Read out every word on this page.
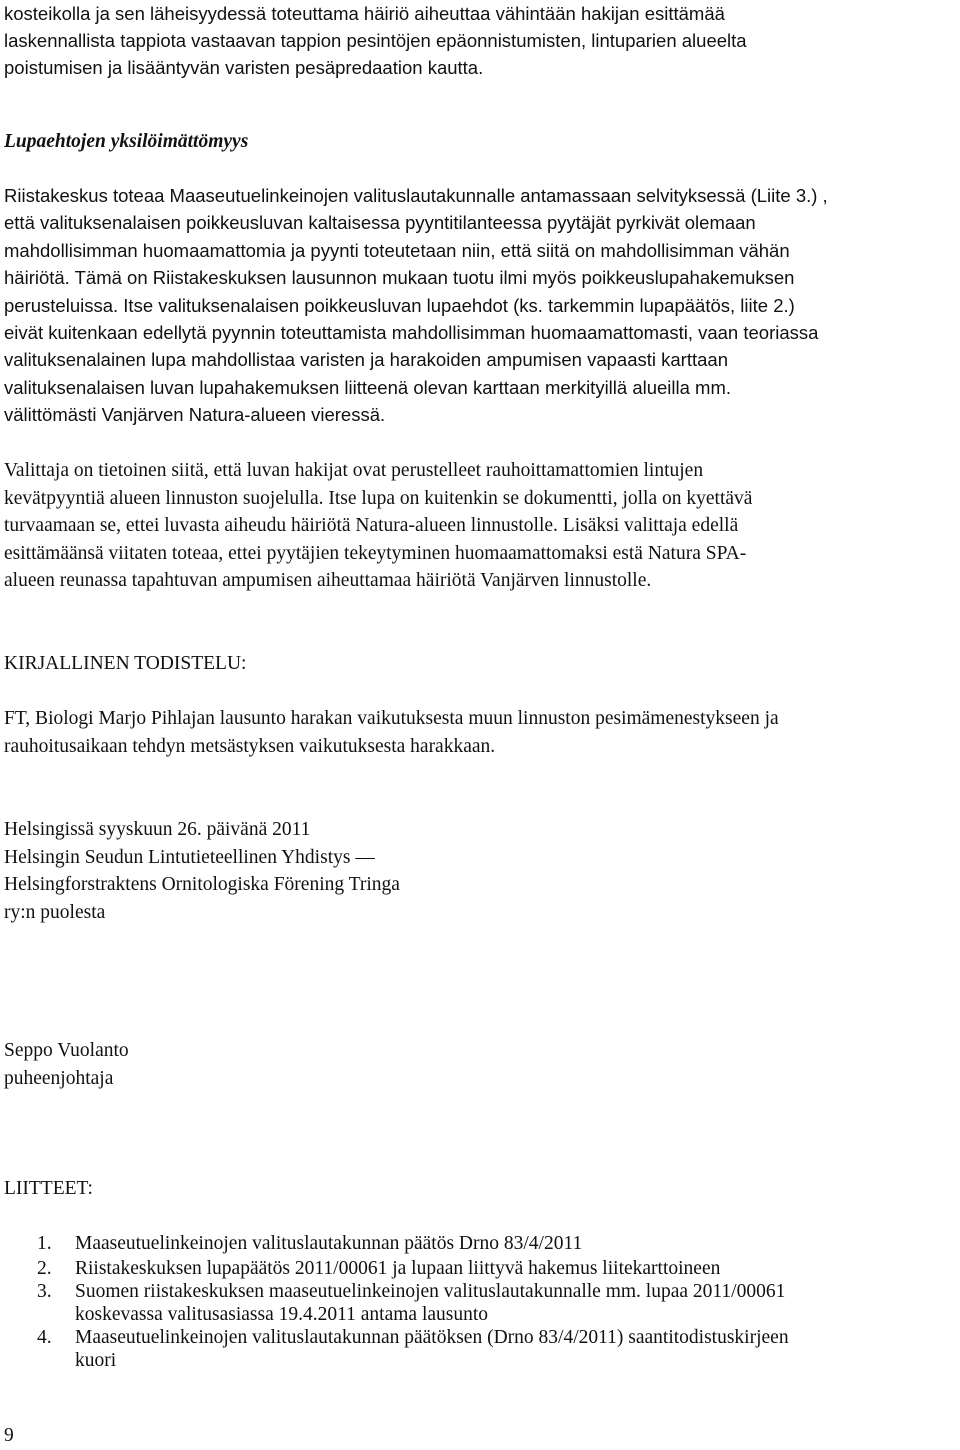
kosteikolla ja sen läheisyydessä toteuttama häiriö aiheuttaa vähintään hakijan esittämää
laskennallista tappiota vastaavan tappion pesintöjen epäonnistumisten, lintuparien alueelta
poistumisen ja lisääntyvän varisten pesäpredaation kautta.
Lupaehtojen yksilöimättömyys
Riistakeskus toteaa Maaseutuelinkeinojen valituslautakunnalle antamassaan selvityksessä (Liite 3.) ,
että valituksenalaisen poikkeusluvan kaltaisessa pyyntitilanteessa pyytäjät pyrkivät olemaan
mahdollisimman huomaamattomia ja pyynti toteutetaan niin, että siitä on mahdollisimman vähän
häiriötä. Tämä on Riistakeskuksen lausunnon mukaan tuotu ilmi myös poikkeuslupahakemuksen
perusteluissa. Itse valituksenalaisen poikkeusluvan lupaehdot (ks. tarkemmin lupapäätös, liite 2.)
eivät kuitenkaan edellytä pyynnin toteuttamista mahdollisimman huomaamattomasti, vaan teoriassa
valituksenalainen lupa mahdollistaa varisten ja harakoiden ampumisen vapaasti karttaan
valituksenalaisen luvan lupahakemuksen liitteenä olevan karttaan merkityillä alueilla mm.
välittömästi Vanjärven Natura-alueen vieressä.
Valittaja on tietoinen siitä, että luvan hakijat ovat perustelleet rauhoittamattomien lintujen
kevätpyyntiä alueen linnuston suojelulla. Itse lupa on kuitenkin se dokumentti, jolla on kyettävä
turvaamaan se, ettei luvasta aiheudu häiriötä Natura-alueen linnustolle. Lisäksi valittaja edellä
esittämäänsä viitaten toteaa, ettei pyytäjien tekeytyminen huomaamattomaksi estä Natura SPA-
alueen reunassa tapahtuvan ampumisen aiheuttamaa häiriötä Vanjärven linnustolle.
KIRJALLINEN TODISTELU:
FT, Biologi Marjo Pihlajan lausunto harakan vaikutuksesta muun linnuston pesimämenestykseen ja
rauhoitusaikaan tehdyn metsästyksen vaikutuksesta harakkaan.
Helsingissä syyskuun 26. päivänä 2011
Helsingin Seudun Lintutieteellinen Yhdistys —
Helsingforstraktens Ornitologiska Förening Tringa
ry:n puolesta
Seppo Vuolanto
puheenjohtaja
LIITTEET:
1. Maaseutuelinkeinojen valituslautakunnan päätös Drno 83/4/2011
2. Riistakeskuksen lupapäätös 2011/00061 ja lupaan liittyvä hakemus liitekarttoineen
3. Suomen riistakeskuksen maaseutuelinkeinojen valituslautakunnalle mm. lupaa 2011/00061
koskevassa valitusasiassa 19.4.2011 antama lausunto
4. Maaseutuelinkeinojen valituslautakunnan päätöksen (Drno 83/4/2011) saantitodistuskirjeen
kuori
9
